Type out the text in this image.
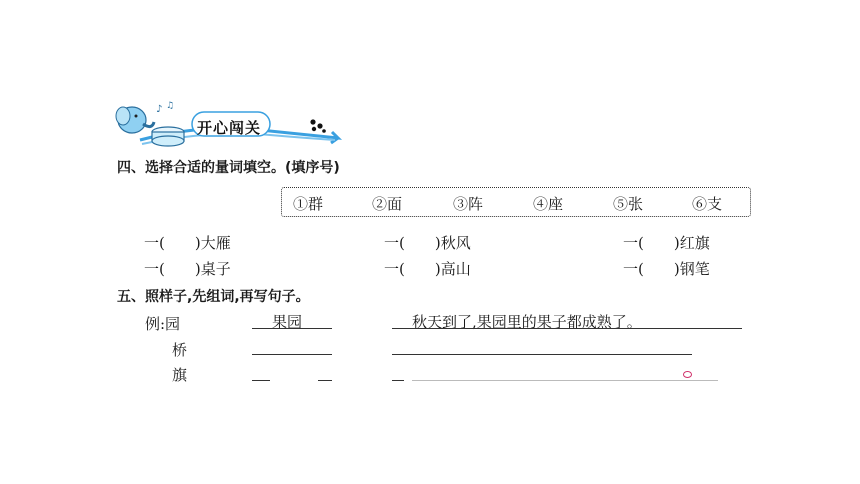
♪ ♫
开心闯关
四、选择合适的量词填空。(填序号)
①群	②面	③阵	④座	⑤张	⑥支
一(　　)大雁	一(　　)秋风	一(　　)红旗
一(　　)桌子	一(　　)高山	一(　　)钢笔
五、照样子,先组词,再写句子。
例:园	果园	秋天到了,果园里的果子都成熟了。
桥
旗
